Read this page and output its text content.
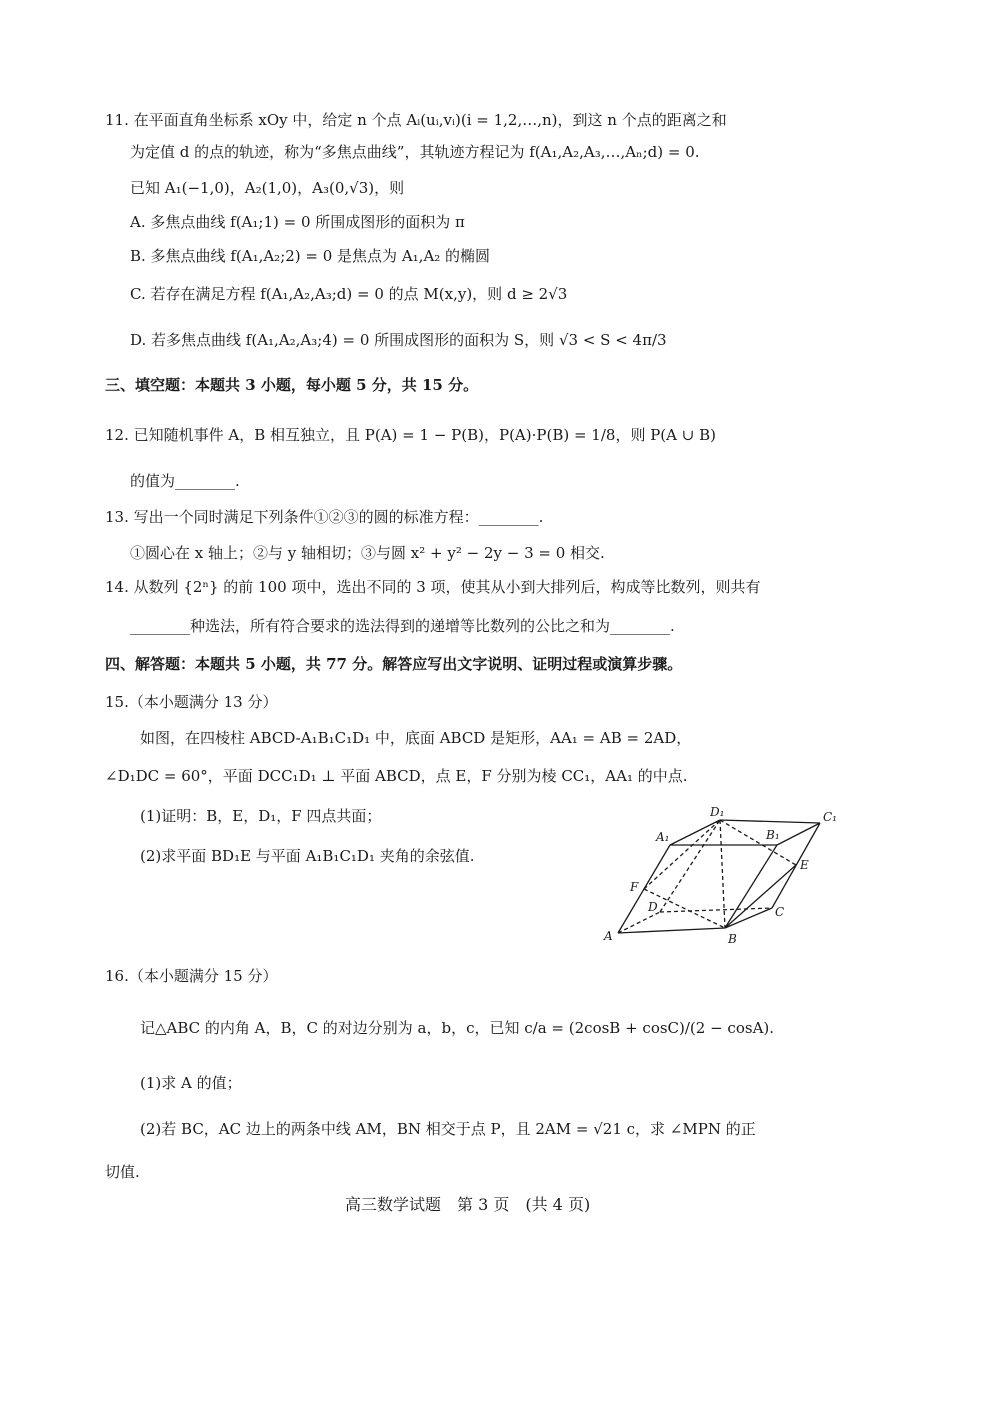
11. 在平面直角坐标系 xOy 中，给定 n 个点 Aᵢ(uᵢ,vᵢ)(i = 1,2,…,n)，到这 n 个点的距离之和
为定值 d 的点的轨迹，称为“多焦点曲线”，其轨迹方程记为 f(A₁,A₂,A₃,…,Aₙ;d) = 0.
已知 A₁(−1,0)，A₂(1,0)，A₃(0,√3)，则
A. 多焦点曲线 f(A₁;1) = 0 所围成图形的面积为 π
B. 多焦点曲线 f(A₁,A₂;2) = 0 是焦点为 A₁,A₂ 的椭圆
C. 若存在满足方程 f(A₁,A₂,A₃;d) = 0 的点 M(x,y)，则 d ≥ 2√3
D. 若多焦点曲线 f(A₁,A₂,A₃;4) = 0 所围成图形的面积为 S，则 √3 < S < 4π/3
三、填空题：本题共 3 小题，每小题 5 分，共 15 分。
12. 已知随机事件 A，B 相互独立，且 P(A) = 1 − P(B)，P(A)·P(B) = 1/8，则 P(A ∪ B)
的值为________.
13. 写出一个同时满足下列条件①②③的圆的标准方程：________.
①圆心在 x 轴上；②与 y 轴相切；③与圆 x² + y² − 2y − 3 = 0 相交.
14. 从数列 {2ⁿ} 的前 100 项中，选出不同的 3 项，使其从小到大排列后，构成等比数列，则共有
________种选法，所有符合要求的选法得到的递增等比数列的公比之和为________.
四、解答题：本题共 5 小题，共 77 分。解答应写出文字说明、证明过程或演算步骤。
15.（本小题满分 13 分）
如图，在四棱柱 ABCD-A₁B₁C₁D₁ 中，底面 ABCD 是矩形，AA₁ = AB = 2AD，
∠D₁DC = 60°，平面 DCC₁D₁ ⊥ 平面 ABCD，点 E，F 分别为棱 CC₁，AA₁ 的中点.
(1)证明：B，E，D₁，F 四点共面；
(2)求平面 BD₁E 与平面 A₁B₁C₁D₁ 夹角的余弦值.
D₁	C₁
A₁	B₁
E
F
D	C
A	B
16.（本小题满分 15 分）
记△ABC 的内角 A，B，C 的对边分别为 a，b，c，已知 c/a = (2cosB + cosC)/(2 − cosA).
(1)求 A 的值；
(2)若 BC，AC 边上的两条中线 AM，BN 相交于点 P，且 2AM = √21 c，求 ∠MPN 的正
切值.
高三数学试题　第 3 页　(共 4 页)
